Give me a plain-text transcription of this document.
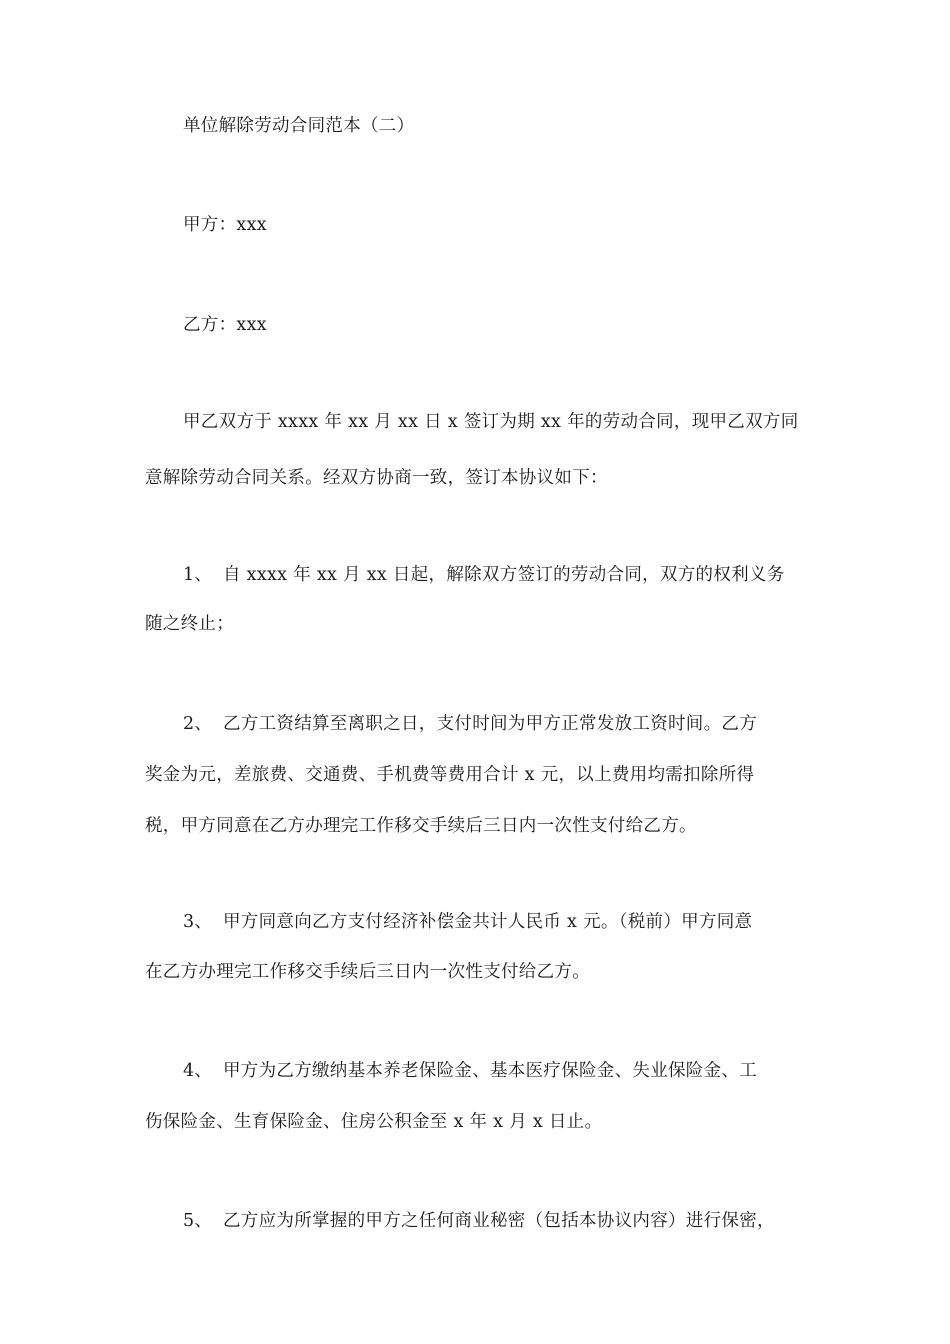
单位解除劳动合同范本（二）
甲方：xxx
乙方：xxx
甲乙双方于 xxxx 年 xx 月 xx 日 x 签订为期 xx 年的劳动合同，现甲乙双方同
意解除劳动合同关系。经双方协商一致，签订本协议如下：
1、 自 xxxx 年 xx 月 xx 日起，解除双方签订的劳动合同，双方的权利义务
随之终止；
2、 乙方工资结算至离职之日，支付时间为甲方正常发放工资时间。乙方
奖金为元，差旅费、交通费、手机费等费用合计 x 元，以上费用均需扣除所得
税，甲方同意在乙方办理完工作移交手续后三日内一次性支付给乙方。
3、 甲方同意向乙方支付经济补偿金共计人民币 x 元。（税前）甲方同意
在乙方办理完工作移交手续后三日内一次性支付给乙方。
4、 甲方为乙方缴纳基本养老保险金、基本医疗保险金、失业保险金、工
伤保险金、生育保险金、住房公积金至 x 年 x 月 x 日止。
5、 乙方应为所掌握的甲方之任何商业秘密（包括本协议内容）进行保密，
